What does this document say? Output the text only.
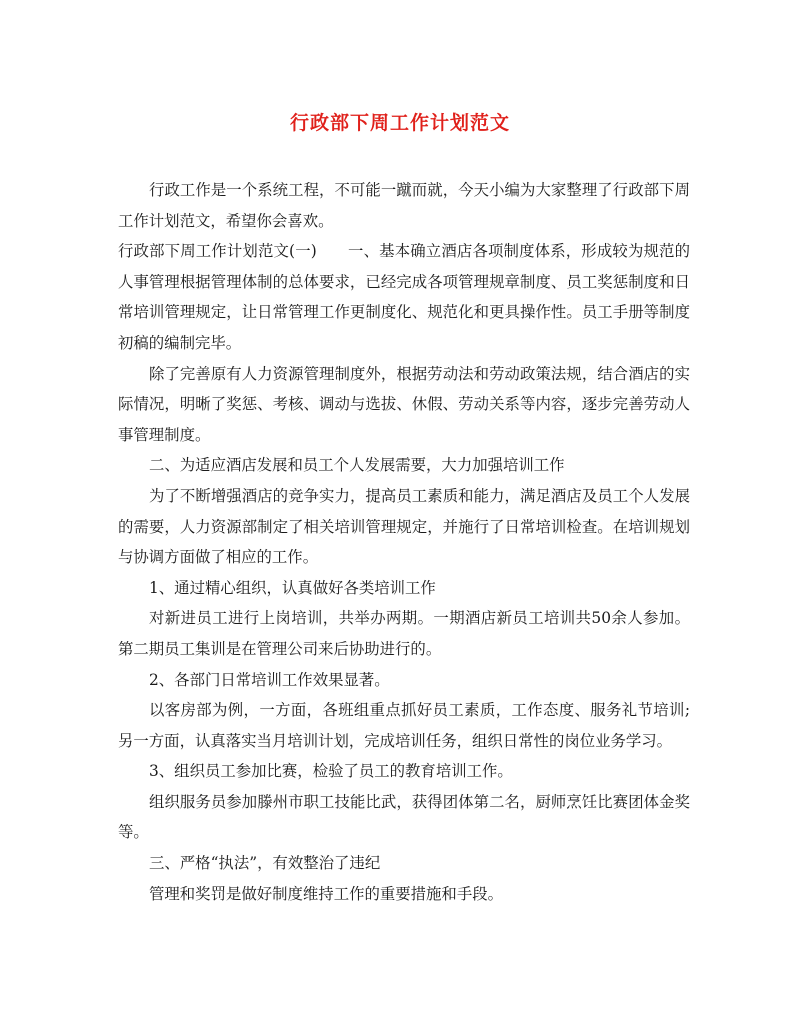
行政部下周工作计划范文

行政工作是一个系统工程，不可能一蹴而就，今天小编为大家整理了行政部下周工作计划范文，希望你会喜欢。

行政部下周工作计划范文(一)　　一、基本确立酒店各项制度体系，形成较为规范的人事管理根据管理体制的总体要求，已经完成各项管理规章制度、员工奖惩制度和日常培训管理规定，让日常管理工作更制度化、规范化和更具操作性。员工手册等制度初稿的编制完毕。

除了完善原有人力资源管理制度外，根据劳动法和劳动政策法规，结合酒店的实际情况，明晰了奖惩、考核、调动与选拔、休假、劳动关系等内容，逐步完善劳动人事管理制度。

二、为适应酒店发展和员工个人发展需要，大力加强培训工作

为了不断增强酒店的竞争实力，提高员工素质和能力，满足酒店及员工个人发展的需要，人力资源部制定了相关培训管理规定，并施行了日常培训检查。在培训规划与协调方面做了相应的工作。

1、通过精心组织，认真做好各类培训工作

对新进员工进行上岗培训，共举办两期。一期酒店新员工培训共50余人参加。第二期员工集训是在管理公司来后协助进行的。

2、各部门日常培训工作效果显著。

以客房部为例，一方面，各班组重点抓好员工素质，工作态度、服务礼节培训;另一方面，认真落实当月培训计划，完成培训任务，组织日常性的岗位业务学习。

3、组织员工参加比赛，检验了员工的教育培训工作。

组织服务员参加滕州市职工技能比武，获得团体第二名，厨师烹饪比赛团体金奖等。

三、严格“执法”，有效整治了违纪

管理和奖罚是做好制度维持工作的重要措施和手段。
